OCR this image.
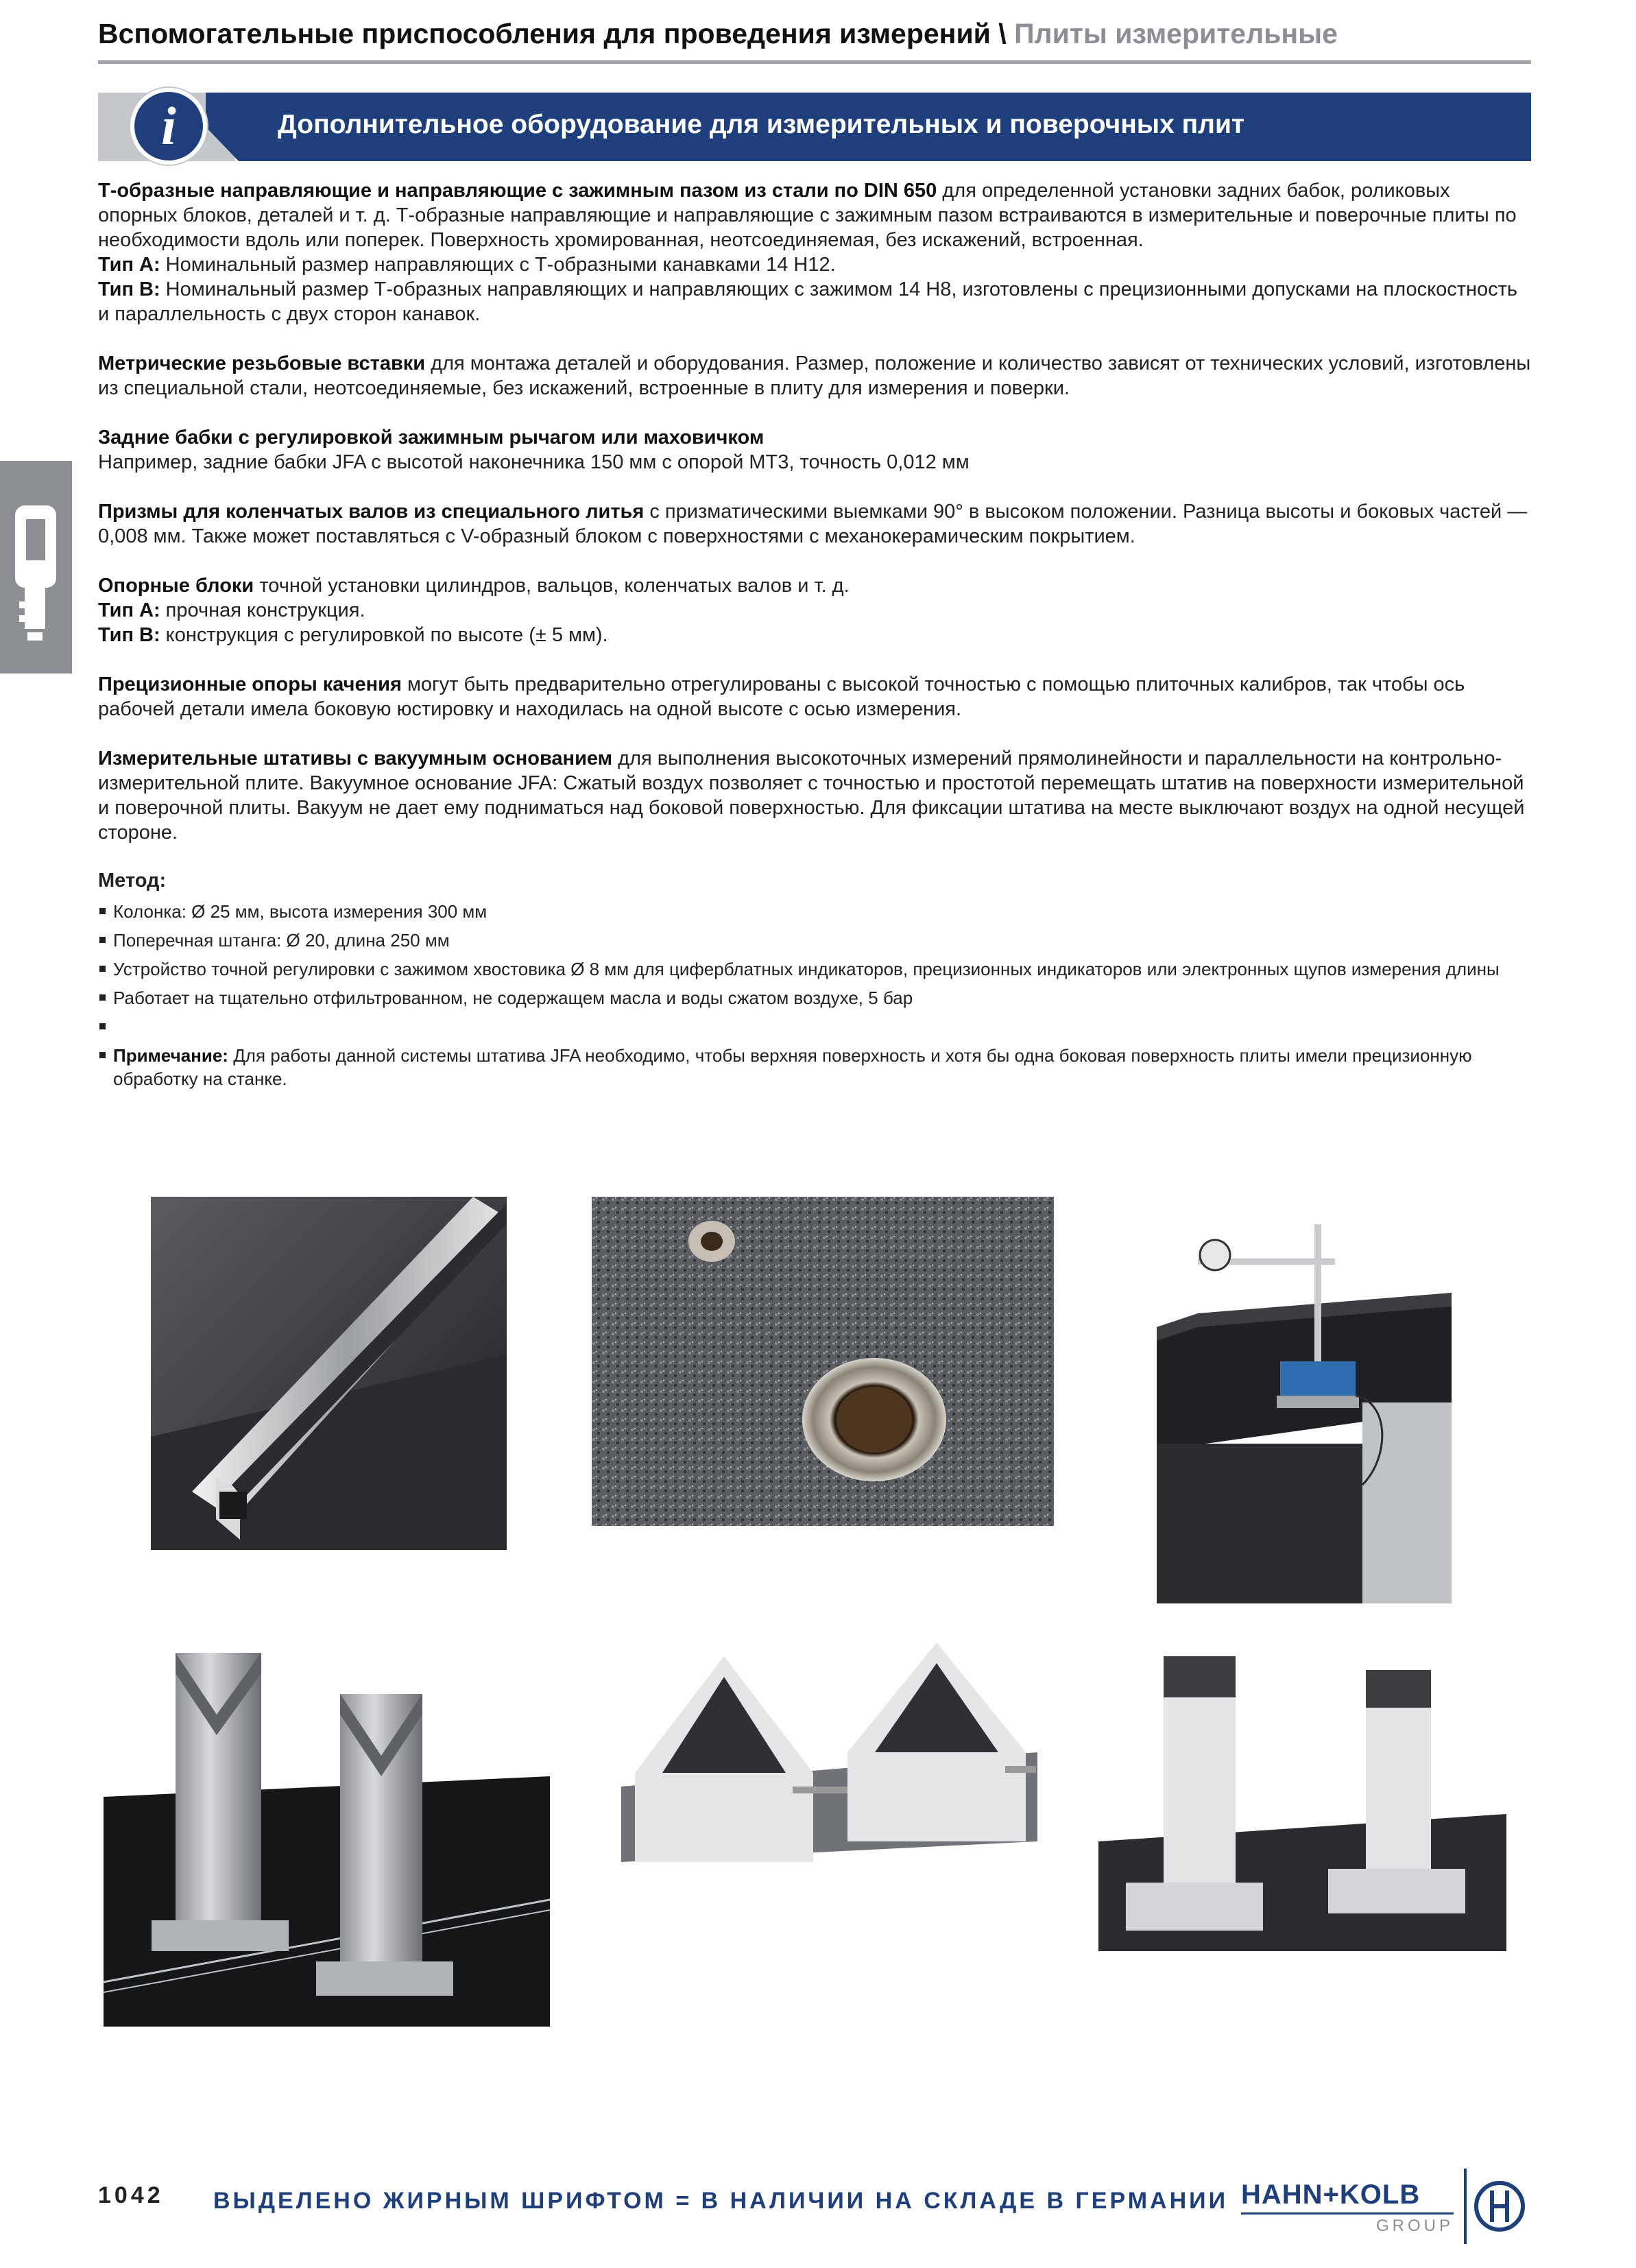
Вспомогательные приспособления для проведения измерений \ Плиты измерительные
i	Дополнительное оборудование для измерительных и поверочных плит

Т-образные направляющие и направляющие с зажимным пазом из стали по DIN 650 для определенной установки задних бабок, роликовых опорных блоков, деталей и т. д. Т-образные направляющие и направляющие с зажимным пазом встраиваются в измерительные и поверочные плиты по необходимости вдоль или поперек. Поверхность хромированная, неотсоединяемая, без искажений, встроенная.

Тип A: Номинальный размер направляющих с Т-образными канавками 14 H12.

Тип B: Номинальный размер Т-образных направляющих и направляющих с зажимом 14 H8, изготовлены с прецизионными допусками на плоскостность и параллельность с двух сторон канавок.

Метрические резьбовые вставки для монтажа деталей и оборудования. Размер, положение и количество зависят от технических условий, изготовлены из специальной стали, неотсоединяемые, без искажений, встроенные в плиту для измерения и поверки.

Задние бабки с регулировкой зажимным рычагом или маховичком

Например, задние бабки JFA с высотой наконечника 150 мм с опорой MT3, точность 0,012 мм

Призмы для коленчатых валов из специального литья с призматическими выемками 90° в высоком положении. Разница высоты и боковых частей — 0,008 мм. Также может поставляться с V-образный блоком с поверхностями с механокерамическим покрытием.

Опорные блоки точной установки цилиндров, вальцов, коленчатых валов и т. д.

Тип A: прочная конструкция.

Тип B: конструкция с регулировкой по высоте (± 5 мм).

Прецизионные опоры качения могут быть предварительно отрегулированы с высокой точностью с помощью плиточных калибров, так чтобы ось рабочей детали имела боковую юстировку и находилась на одной высоте с осью измерения.

Измерительные штативы с вакуумным основанием для выполнения высокоточных измерений прямолинейности и параллельности на контрольно-измерительной плите. Вакуумное основание JFA: Сжатый воздух позволяет с точностью и простотой перемещать штатив на поверхности измерительной и поверочной плиты. Вакуум не дает ему подниматься над боковой поверхностью. Для фиксации штатива на месте выключают воздух на одной несущей стороне.

Метод:

Колонка: Ø 25 мм, высота измерения 300 мм
Поперечная штанга: Ø 20, длина 250 мм
Устройство точной регулировки с зажимом хвостовика Ø 8 мм для циферблатных индикаторов, прецизионных индикаторов или электронных щупов измерения длины
Работает на тщательно отфильтрованном, не содержащем масла и воды сжатом воздухе, 5 бар
Примечание: Для работы данной системы штатива JFA необходимо, чтобы верхняя поверхность и хотя бы одна боковая поверхность плиты имели прецизионную обработку на станке.
1042 ВЫДЕЛЕНО ЖИРНЫМ ШРИФТОМ = В НАЛИЧИИ НА СКЛАДЕ В ГЕРМАНИИ HAHN+KOLB
GROUP
